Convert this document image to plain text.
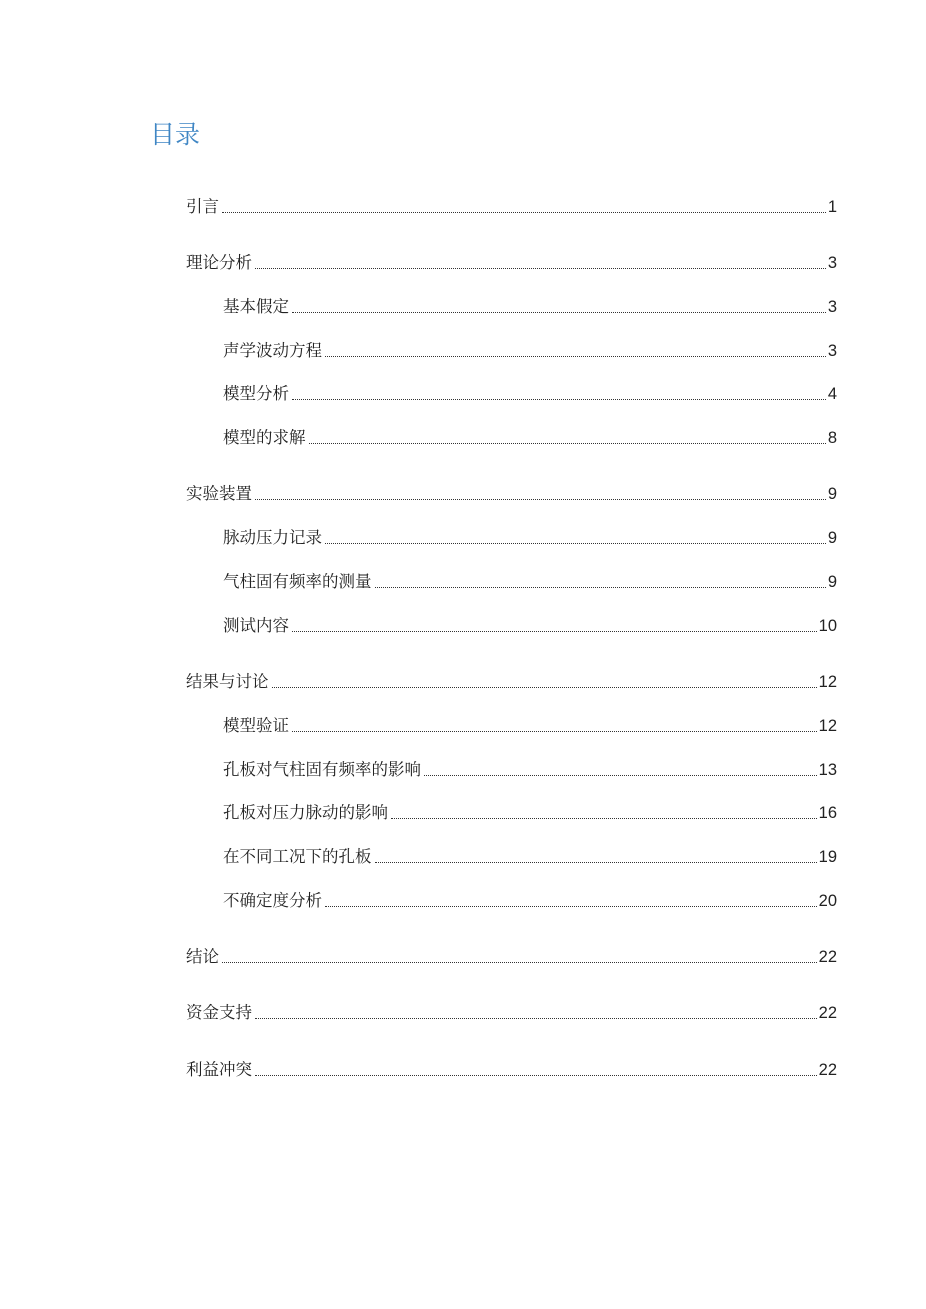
目录
引言	1
理论分析	3
基本假定	3
声学波动方程	3
模型分析	4
模型的求解	8
实验装置	9
脉动压力记录	9
气柱固有频率的测量	9
测试内容	10
结果与讨论	12
模型验证	12
孔板对气柱固有频率的影响	13
孔板对压力脉动的影响	16
在不同工况下的孔板	19
不确定度分析	20
结论	22
资金支持	22
利益冲突	22
